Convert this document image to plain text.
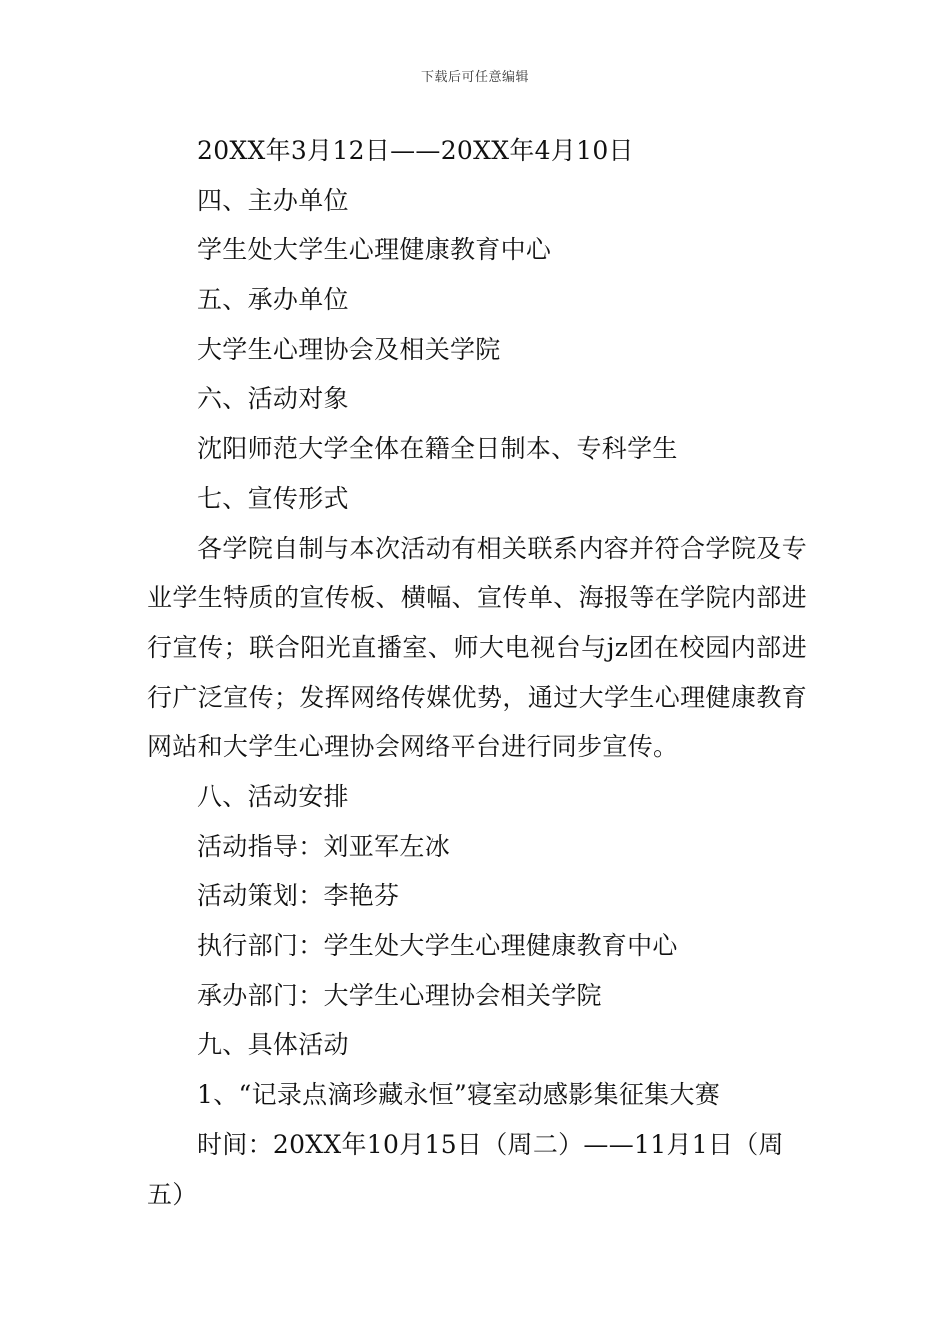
下载后可任意编辑
20XX年3月12日——20XX年4月10日
四、主办单位
学生处大学生心理健康教育中心
五、承办单位
大学生心理协会及相关学院
六、活动对象
沈阳师范大学全体在籍全日制本、专科学生
七、宣传形式
各学院自制与本次活动有相关联系内容并符合学院及专业学生特质的宣传板、横幅、宣传单、海报等在学院内部进行宣传；联合阳光直播室、师大电视台与jz团在校园内部进行广泛宣传；发挥网络传媒优势，通过大学生心理健康教育网站和大学生心理协会网络平台进行同步宣传。
八、活动安排
活动指导：刘亚军左冰
活动策划：李艳芬
执行部门：学生处大学生心理健康教育中心
承办部门：大学生心理协会相关学院
九、具体活动
1、“记录点滴珍藏永恒”寝室动感影集征集大赛
时间：20XX年10月15日（周二）——11月1日（周五）
